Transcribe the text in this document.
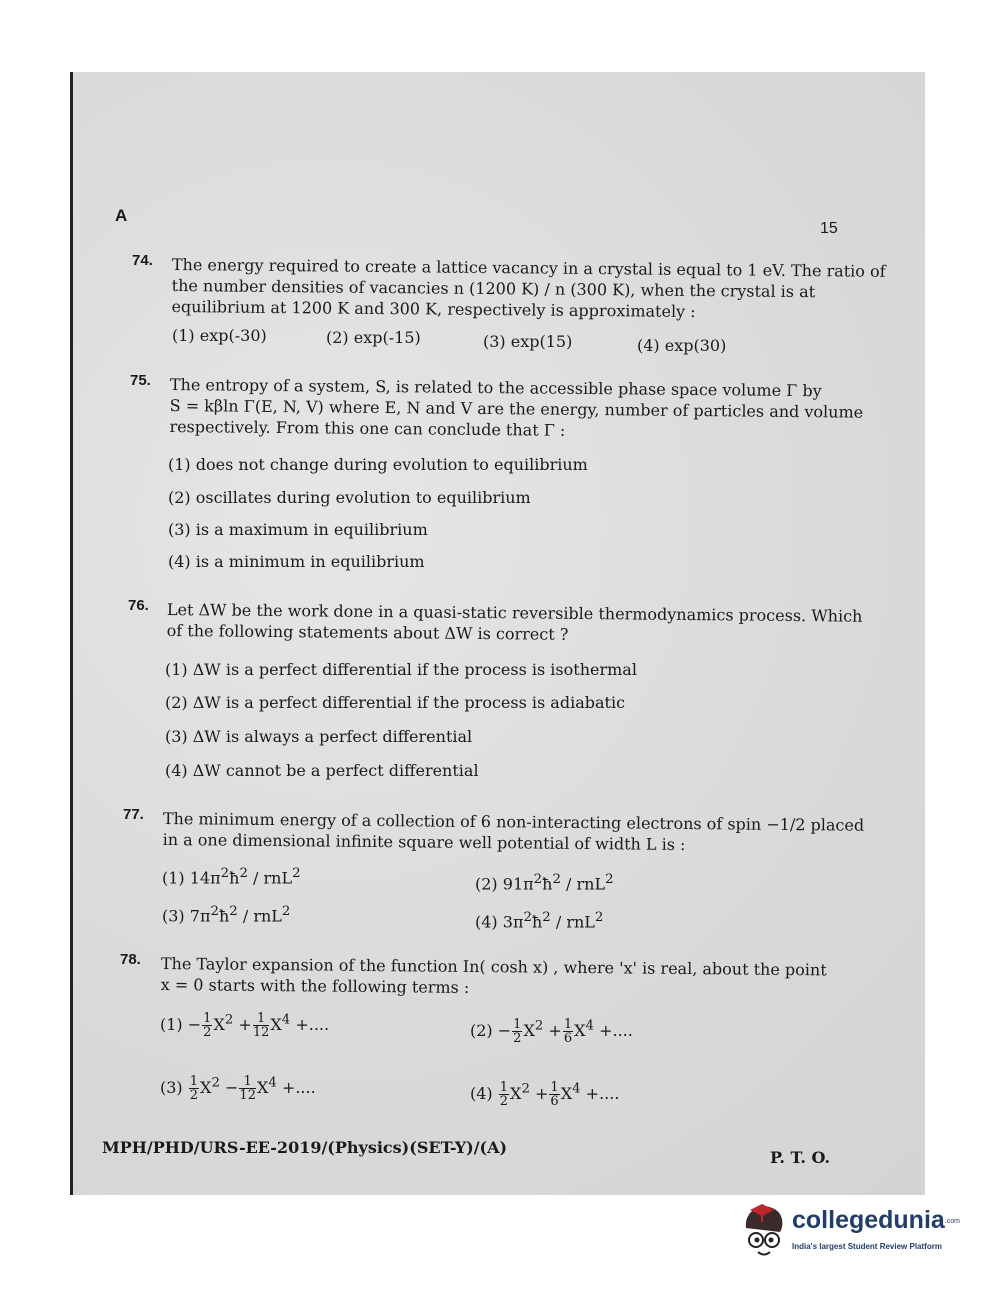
A
15
74. The energy required to create a lattice vacancy in a crystal is equal to 1 eV. The ratio of
the number densities of vacancies n (1200 K) / n (300 K), when the crystal is at
equilibrium at 1200 K and 300 K, respectively is approximately :
(1) exp(-30)	(2) exp(-15)	(3) exp(15)	(4) exp(30)
75. The entropy of a system, S, is related to the accessible phase space volume Γ by
S = kβln Γ(E, N, V) where E, N and V are the energy, number of particles and volume
respectively. From this one can conclude that Γ :
(1) does not change during evolution to equilibrium
(2) oscillates during evolution to equilibrium
(3) is a maximum in equilibrium
(4) is a minimum in equilibrium
76. Let ΔW be the work done in a quasi-static reversible thermodynamics process. Which
of the following statements about ΔW is correct ?
(1) ΔW is a perfect differential if the process is isothermal
(2) ΔW is a perfect differential if the process is adiabatic
(3) ΔW is always a perfect differential
(4) ΔW cannot be a perfect differential
77. The minimum energy of a collection of 6 non-interacting electrons of spin −1/2 placed
in a one dimensional infinite square well potential of width L is :
(1) $14\pi^2ħ^2 / rnL^2$
(2) $91\pi^2ħ^2 / rnL^2$
(3) $7\pi^2ħ^2 / rnL^2$
(4) $3\pi^2ħ^2 / rnL^2$
78. The Taylor expansion of the function In( cosh x) , where 'x' is real, about the point
x = 0 starts with the following terms :
$(1) - \frac{1}{2} X^2 + \frac{1}{12} X^4$ +....	$(2) - \frac{1}{2} X^2 + \frac{1}{6} X^4$ +....
$(3) \frac{1}{2} X^2 - \frac{1}{12} X^4$ +....	$(4) \frac{1}{2} X^2 + \frac{1}{6} X^4$ +....
MPH/PHD/URS-EE-2019/(Physics)(SET-Y)/(A)
P. T. O.
collegedunia.com
India's largest Student Review Platform
